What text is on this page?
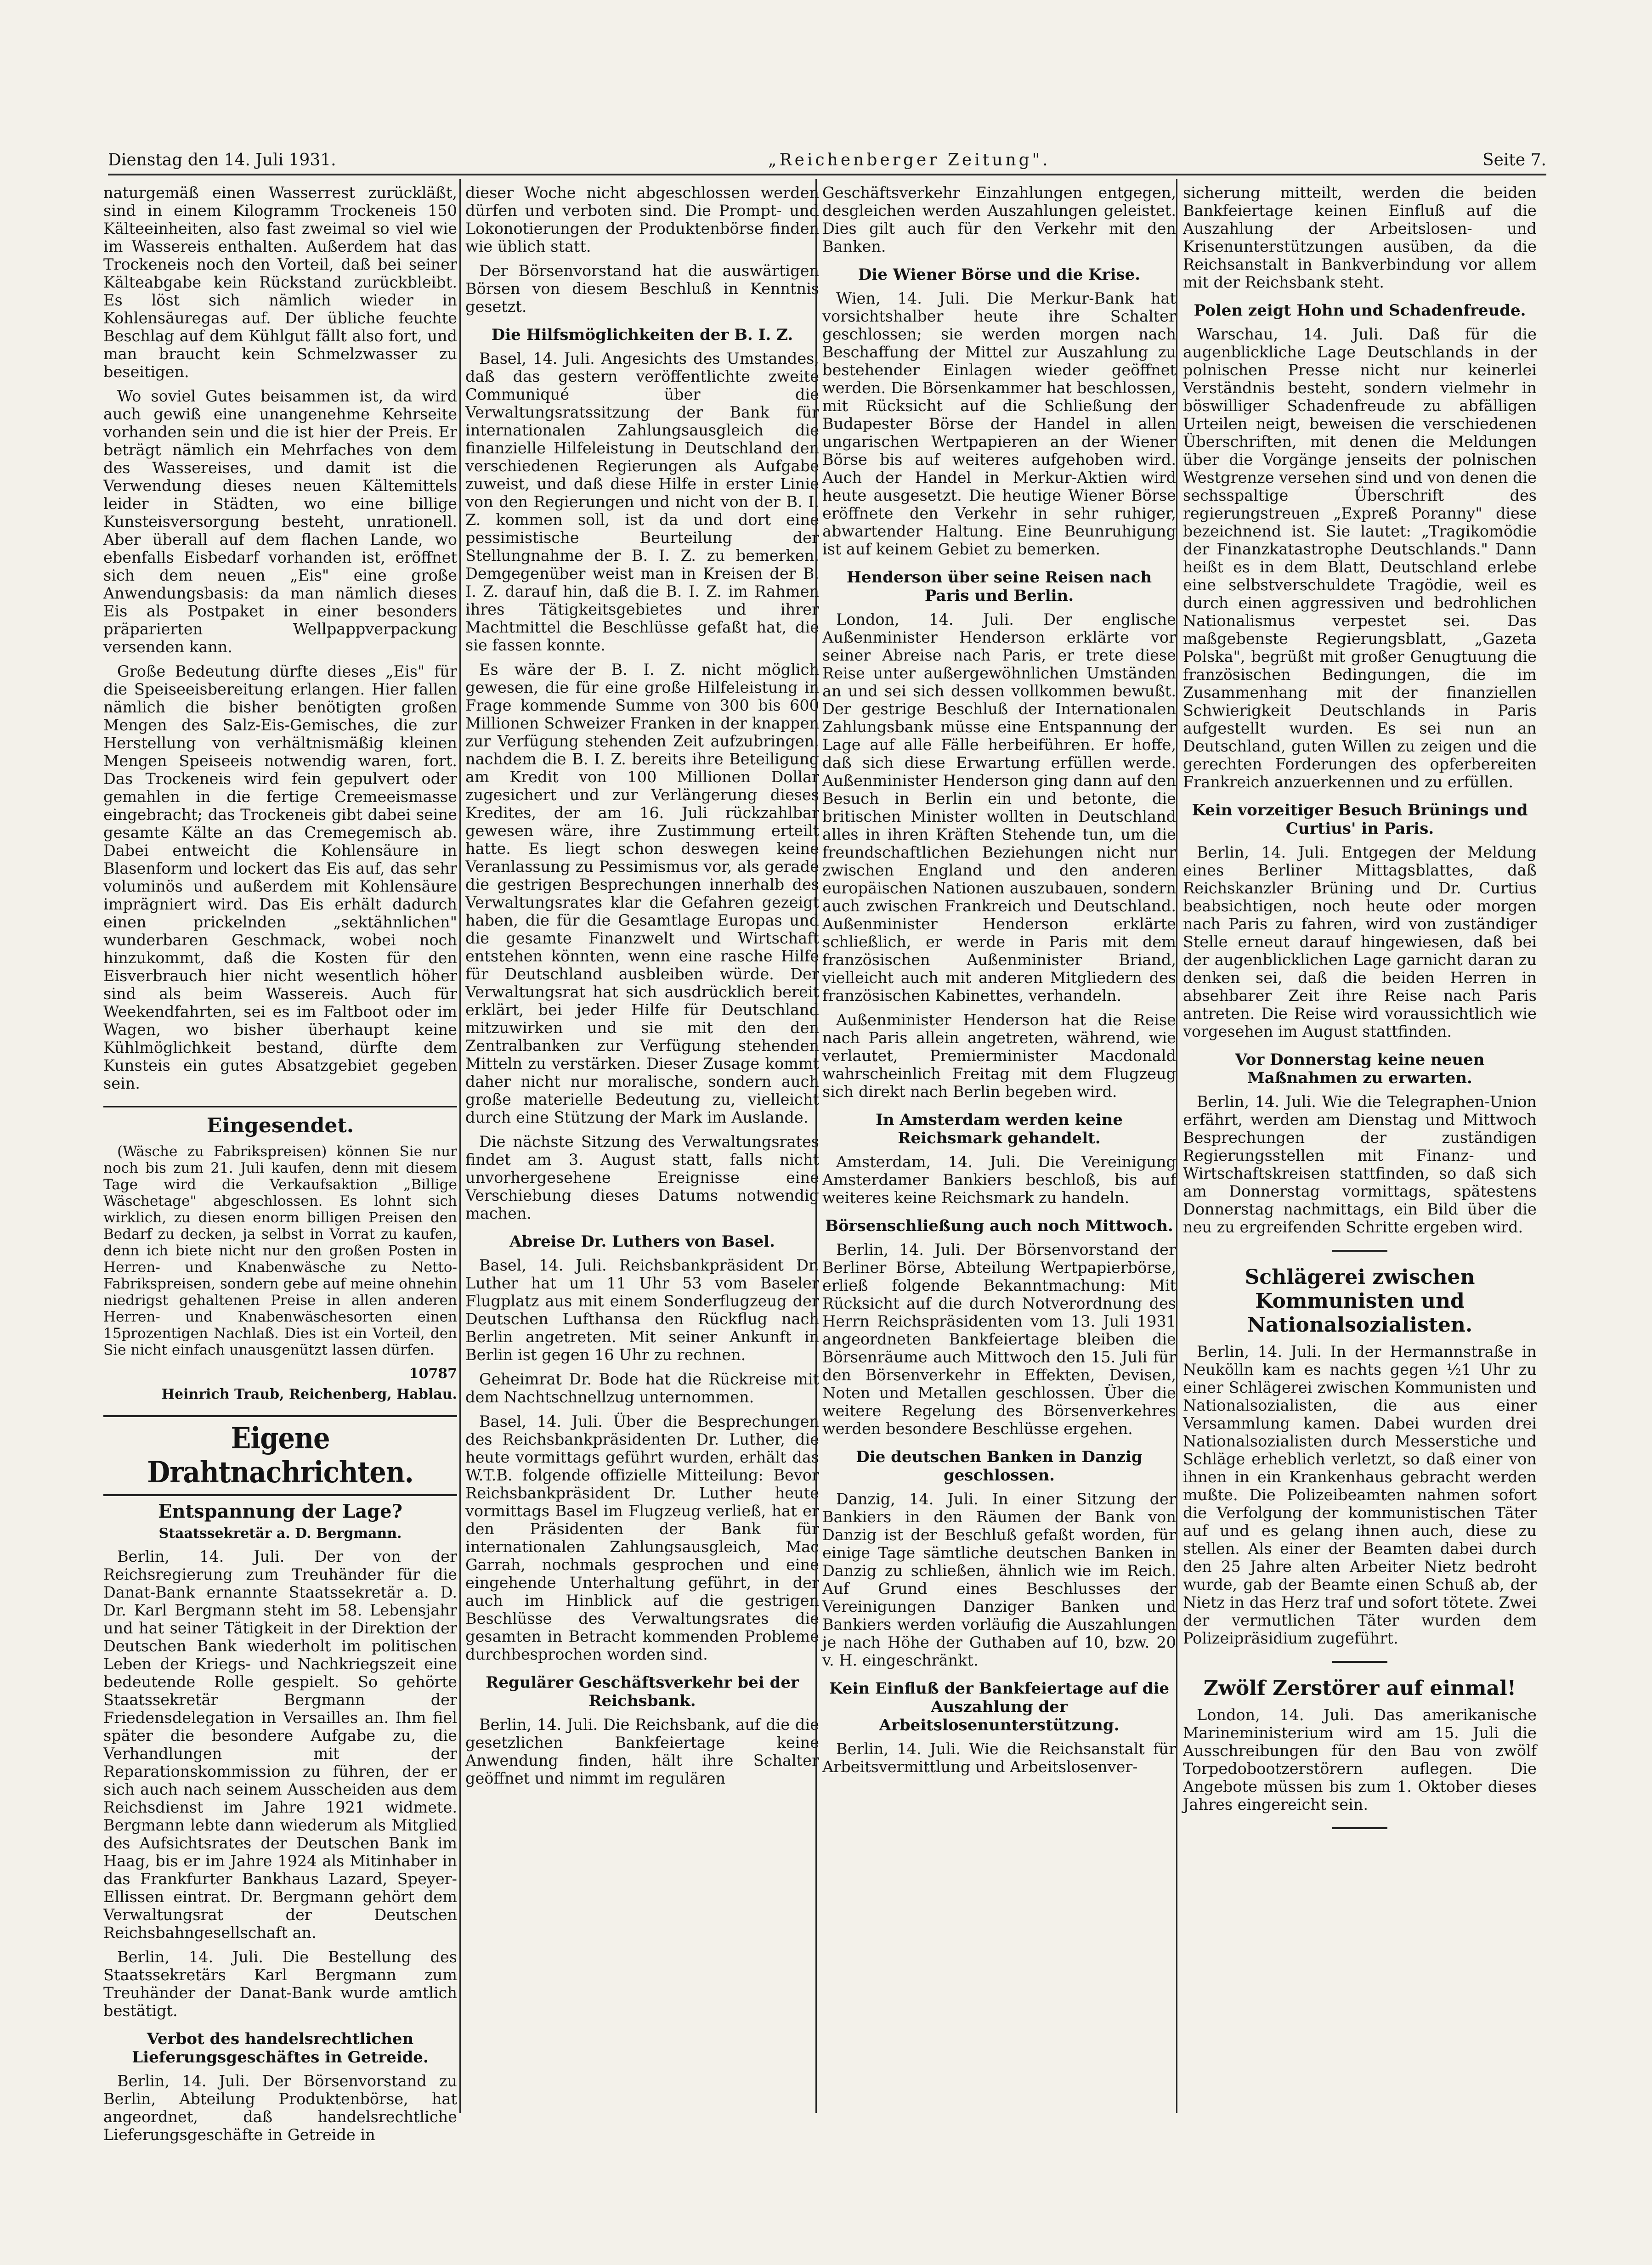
Dienstag den 14. Juli 1931.	„Reichenberger Zeitung".	Seite 7.

naturgemäß einen Wasserrest zurückläßt, sind in einem Kilogramm Trockeneis 150 Kälteeinheiten, also fast zweimal so viel wie im Wassereis enthalten. Außerdem hat das Trockeneis noch den Vorteil, daß bei seiner Kälteabgabe kein Rückstand zurückbleibt. Es löst sich nämlich wieder in Kohlensäuregas auf. Der übliche feuchte Beschlag auf dem Kühlgut fällt also fort, und man braucht kein Schmelzwasser zu beseitigen.

Wo soviel Gutes beisammen ist, da wird auch gewiß eine unangenehme Kehrseite vorhanden sein und die ist hier der Preis. Er beträgt nämlich ein Mehrfaches von dem des Wassereises, und damit ist die Verwendung dieses neuen Kältemittels leider in Städten, wo eine billige Kunsteisversorgung besteht, unrationell. Aber überall auf dem flachen Lande, wo ebenfalls Eisbedarf vorhanden ist, eröffnet sich dem neuen „Eis" eine große Anwendungsbasis: da man nämlich dieses Eis als Postpaket in einer besonders präparierten Wellpappverpackung versenden kann.

Große Bedeutung dürfte dieses „Eis" für die Speiseeisbereitung erlangen. Hier fallen nämlich die bisher benötigten großen Mengen des Salz-Eis-Gemisches, die zur Herstellung von verhältnismäßig kleinen Mengen Speiseeis notwendig waren, fort. Das Trockeneis wird fein gepulvert oder gemahlen in die fertige Cremeeismasse eingebracht; das Trockeneis gibt dabei seine gesamte Kälte an das Cremegemisch ab. Dabei entweicht die Kohlensäure in Blasenform und lockert das Eis auf, das sehr voluminös und außerdem mit Kohlensäure imprägniert wird. Das Eis erhält dadurch einen prickelnden „sektähnlichen" wunderbaren Geschmack, wobei noch hinzukommt, daß die Kosten für den Eisverbrauch hier nicht wesentlich höher sind als beim Wassereis. Auch für Weekendfahrten, sei es im Faltboot oder im Wagen, wo bisher überhaupt keine Kühlmöglichkeit bestand, dürfte dem Kunsteis ein gutes Absatzgebiet gegeben sein.

Eingesendet.

(Wäsche zu Fabrikspreisen) können Sie nur noch bis zum 21. Juli kaufen, denn mit diesem Tage wird die Verkaufsaktion „Billige Wäschetage" abgeschlossen. Es lohnt sich wirklich, zu diesen enorm billigen Preisen den Bedarf zu decken, ja selbst in Vorrat zu kaufen, denn ich biete nicht nur den großen Posten in Herren- und Knabenwäsche zu Netto-Fabrikspreisen, sondern gebe auf meine ohnehin niedrigst gehaltenen Preise in allen anderen Herren- und Knabenwäschesorten einen 15prozentigen Nachlaß. Dies ist ein Vorteil, den Sie nicht einfach unausgenützt lassen dürfen.

10787
Heinrich Traub, Reichenberg, Hablau.
Eigene Drahtnachrichten.
Entspannung der Lage?
Staatssekretär a. D. Bergmann.

Berlin, 14. Juli. Der von der Reichsregierung zum Treuhänder für die Danat-Bank ernannte Staatssekretär a. D. Dr. Karl Bergmann steht im 58. Lebensjahr und hat seiner Tätigkeit in der Direktion der Deutschen Bank wiederholt im politischen Leben der Kriegs- und Nachkriegszeit eine bedeutende Rolle gespielt. So gehörte Staatssekretär Bergmann der Friedensdelegation in Versailles an. Ihm fiel später die besondere Aufgabe zu, die Verhandlungen mit der Reparationskommission zu führen, der er sich auch nach seinem Ausscheiden aus dem Reichsdienst im Jahre 1921 widmete. Bergmann lebte dann wiederum als Mitglied des Aufsichtsrates der Deutschen Bank im Haag, bis er im Jahre 1924 als Mitinhaber in das Frankfurter Bankhaus Lazard, Speyer-Ellissen eintrat. Dr. Bergmann gehört dem Verwaltungsrat der Deutschen Reichsbahngesellschaft an.

Berlin, 14. Juli. Die Bestellung des Staatssekretärs Karl Bergmann zum Treuhänder der Danat-Bank wurde amtlich bestätigt.

Verbot des handelsrechtlichen Lieferungsgeschäftes in Getreide.

Berlin, 14. Juli. Der Börsenvorstand zu Berlin, Abteilung Produktenbörse, hat angeordnet, daß handelsrechtliche Lieferungsgeschäfte in Getreide in

dieser Woche nicht abgeschlossen werden dürfen und verboten sind. Die Prompt- und Lokonotierungen der Produktenbörse finden wie üblich statt.

Der Börsenvorstand hat die auswärtigen Börsen von diesem Beschluß in Kenntnis gesetzt.

Die Hilfsmöglichkeiten der B. I. Z.

Basel, 14. Juli. Angesichts des Umstandes, daß das gestern veröffentlichte zweite Communiqué über die Verwaltungsratssitzung der Bank für internationalen Zahlungsausgleich die finanzielle Hilfeleistung in Deutschland den verschiedenen Regierungen als Aufgabe zuweist, und daß diese Hilfe in erster Linie von den Regierungen und nicht von der B. I. Z. kommen soll, ist da und dort eine pessimistische Beurteilung der Stellungnahme der B. I. Z. zu bemerken. Demgegenüber weist man in Kreisen der B. I. Z. darauf hin, daß die B. I. Z. im Rahmen ihres Tätigkeitsgebietes und ihrer Machtmittel die Beschlüsse gefaßt hat, die sie fassen konnte.

Es wäre der B. I. Z. nicht möglich gewesen, die für eine große Hilfeleistung in Frage kommende Summe von 300 bis 600 Millionen Schweizer Franken in der knappen zur Verfügung stehenden Zeit aufzubringen, nachdem die B. I. Z. bereits ihre Beteiligung am Kredit von 100 Millionen Dollar zugesichert und zur Verlängerung dieses Kredites, der am 16. Juli rückzahlbar gewesen wäre, ihre Zustimmung erteilt hatte. Es liegt schon deswegen keine Veranlassung zu Pessimismus vor, als gerade die gestrigen Besprechungen innerhalb des Verwaltungsrates klar die Gefahren gezeigt haben, die für die Gesamtlage Europas und die gesamte Finanzwelt und Wirtschaft entstehen könnten, wenn eine rasche Hilfe für Deutschland ausbleiben würde. Der Verwaltungsrat hat sich ausdrücklich bereit erklärt, bei jeder Hilfe für Deutschland mitzuwirken und sie mit den den Zentralbanken zur Verfügung stehenden Mitteln zu verstärken. Dieser Zusage kommt daher nicht nur moralische, sondern auch große materielle Bedeutung zu, vielleicht durch eine Stützung der Mark im Auslande.

Die nächste Sitzung des Verwaltungsrates findet am 3. August statt, falls nicht unvorhergesehene Ereignisse eine Verschiebung dieses Datums notwendig machen.

Abreise Dr. Luthers von Basel.

Basel, 14. Juli. Reichsbankpräsident Dr. Luther hat um 11 Uhr 53 vom Baseler Flugplatz aus mit einem Sonderflugzeug der Deutschen Lufthansa den Rückflug nach Berlin angetreten. Mit seiner Ankunft in Berlin ist gegen 16 Uhr zu rechnen.

Geheimrat Dr. Bode hat die Rückreise mit dem Nachtschnellzug unternommen.

Basel, 14. Juli. Über die Besprechungen des Reichsbankpräsidenten Dr. Luther, die heute vormittags geführt wurden, erhält das W.T.B. folgende offizielle Mitteilung: Bevor Reichsbankpräsident Dr. Luther heute vormittags Basel im Flugzeug verließ, hat er den Präsidenten der Bank für internationalen Zahlungsausgleich, Mac Garrah, nochmals gesprochen und eine eingehende Unterhaltung geführt, in der auch im Hinblick auf die gestrigen Beschlüsse des Verwaltungsrates die gesamten in Betracht kommenden Probleme durchbesprochen worden sind.

Regulärer Geschäftsverkehr bei der Reichsbank.

Berlin, 14. Juli. Die Reichsbank, auf die die gesetzlichen Bankfeiertage keine Anwendung finden, hält ihre Schalter geöffnet und nimmt im regulären

Geschäftsverkehr Einzahlungen entgegen, desgleichen werden Auszahlungen geleistet. Dies gilt auch für den Verkehr mit den Banken.

Die Wiener Börse und die Krise.

Wien, 14. Juli. Die Merkur-Bank hat vorsichtshalber heute ihre Schalter geschlossen; sie werden morgen nach Beschaffung der Mittel zur Auszahlung zu bestehender Einlagen wieder geöffnet werden. Die Börsenkammer hat beschlossen, mit Rücksicht auf die Schließung der Budapester Börse der Handel in allen ungarischen Wertpapieren an der Wiener Börse bis auf weiteres aufgehoben wird. Auch der Handel in Merkur-Aktien wird heute ausgesetzt. Die heutige Wiener Börse eröffnete den Verkehr in sehr ruhiger, abwartender Haltung. Eine Beunruhigung ist auf keinem Gebiet zu bemerken.

Henderson über seine Reisen nach Paris und Berlin.

London, 14. Juli. Der englische Außenminister Henderson erklärte vor seiner Abreise nach Paris, er trete diese Reise unter außergewöhnlichen Umständen an und sei sich dessen vollkommen bewußt. Der gestrige Beschluß der Internationalen Zahlungsbank müsse eine Entspannung der Lage auf alle Fälle herbeiführen. Er hoffe, daß sich diese Erwartung erfüllen werde. Außenminister Henderson ging dann auf den Besuch in Berlin ein und betonte, die britischen Minister wollten in Deutschland alles in ihren Kräften Stehende tun, um die freundschaftlichen Beziehungen nicht nur zwischen England und den anderen europäischen Nationen auszubauen, sondern auch zwischen Frankreich und Deutschland. Außenminister Henderson erklärte schließlich, er werde in Paris mit dem französischen Außenminister Briand, vielleicht auch mit anderen Mitgliedern des französischen Kabinettes, verhandeln.

Außenminister Henderson hat die Reise nach Paris allein angetreten, während, wie verlautet, Premierminister Macdonald wahrscheinlich Freitag mit dem Flugzeug sich direkt nach Berlin begeben wird.

In Amsterdam werden keine Reichsmark gehandelt.

Amsterdam, 14. Juli. Die Vereinigung Amsterdamer Bankiers beschloß, bis auf weiteres keine Reichsmark zu handeln.

Börsenschließung auch noch Mittwoch.

Berlin, 14. Juli. Der Börsenvorstand der Berliner Börse, Abteilung Wertpapierbörse, erließ folgende Bekanntmachung: Mit Rücksicht auf die durch Notverordnung des Herrn Reichspräsidenten vom 13. Juli 1931 angeordneten Bankfeiertage bleiben die Börsenräume auch Mittwoch den 15. Juli für den Börsenverkehr in Effekten, Devisen, Noten und Metallen geschlossen. Über die weitere Regelung des Börsenverkehres werden besondere Beschlüsse ergehen.

Die deutschen Banken in Danzig geschlossen.

Danzig, 14. Juli. In einer Sitzung der Bankiers in den Räumen der Bank von Danzig ist der Beschluß gefaßt worden, für einige Tage sämtliche deutschen Banken in Danzig zu schließen, ähnlich wie im Reich. Auf Grund eines Beschlusses der Vereinigungen Danziger Banken und Bankiers werden vorläufig die Auszahlungen je nach Höhe der Guthaben auf 10, bzw. 20 v. H. eingeschränkt.

Kein Einfluß der Bankfeiertage auf die Auszahlung der Arbeitslosenunterstützung.

Berlin, 14. Juli. Wie die Reichsanstalt für Arbeitsvermittlung und Arbeitslosenver-

sicherung mitteilt, werden die beiden Bankfeiertage keinen Einfluß auf die Auszahlung der Arbeitslosen- und Krisenunterstützungen ausüben, da die Reichsanstalt in Bankverbindung vor allem mit der Reichsbank steht.

Polen zeigt Hohn und Schadenfreude.

Warschau, 14. Juli. Daß für die augenblickliche Lage Deutschlands in der polnischen Presse nicht nur keinerlei Verständnis besteht, sondern vielmehr in böswilliger Schadenfreude zu abfälligen Urteilen neigt, beweisen die verschiedenen Überschriften, mit denen die Meldungen über die Vorgänge jenseits der polnischen Westgrenze versehen sind und von denen die sechsspaltige Überschrift des regierungstreuen „Expreß Poranny" diese bezeichnend ist. Sie lautet: „Tragikomödie der Finanzkatastrophe Deutschlands." Dann heißt es in dem Blatt, Deutschland erlebe eine selbstverschuldete Tragödie, weil es durch einen aggressiven und bedrohlichen Nationalismus verpestet sei. Das maßgebenste Regierungsblatt, „Gazeta Polska", begrüßt mit großer Genugtuung die französischen Bedingungen, die im Zusammenhang mit der finanziellen Schwierigkeit Deutschlands in Paris aufgestellt wurden. Es sei nun an Deutschland, guten Willen zu zeigen und die gerechten Forderungen des opferbereiten Frankreich anzuerkennen und zu erfüllen.

Kein vorzeitiger Besuch Brünings und Curtius' in Paris.

Berlin, 14. Juli. Entgegen der Meldung eines Berliner Mittagsblattes, daß Reichskanzler Brüning und Dr. Curtius beabsichtigen, noch heute oder morgen nach Paris zu fahren, wird von zuständiger Stelle erneut darauf hingewiesen, daß bei der augenblicklichen Lage garnicht daran zu denken sei, daß die beiden Herren in absehbarer Zeit ihre Reise nach Paris antreten. Die Reise wird voraussichtlich wie vorgesehen im August stattfinden.

Vor Donnerstag keine neuen Maßnahmen zu erwarten.

Berlin, 14. Juli. Wie die Telegraphen-Union erfährt, werden am Dienstag und Mittwoch Besprechungen der zuständigen Regierungsstellen mit Finanz- und Wirtschaftskreisen stattfinden, so daß sich am Donnerstag vormittags, spätestens Donnerstag nachmittags, ein Bild über die neu zu ergreifenden Schritte ergeben wird.

Schlägerei zwischen Kommunisten und Nationalsozialisten.

Berlin, 14. Juli. In der Hermannstraße in Neukölln kam es nachts gegen ½1 Uhr zu einer Schlägerei zwischen Kommunisten und Nationalsozialisten, die aus einer Versammlung kamen. Dabei wurden drei Nationalsozialisten durch Messerstiche und Schläge erheblich verletzt, so daß einer von ihnen in ein Krankenhaus gebracht werden mußte. Die Polizeibeamten nahmen sofort die Verfolgung der kommunistischen Täter auf und es gelang ihnen auch, diese zu stellen. Als einer der Beamten dabei durch den 25 Jahre alten Arbeiter Nietz bedroht wurde, gab der Beamte einen Schuß ab, der Nietz in das Herz traf und sofort tötete. Zwei der vermutlichen Täter wurden dem Polizeipräsidium zugeführt.

Zwölf Zerstörer auf einmal!

London, 14. Juli. Das amerikanische Marineministerium wird am 15. Juli die Ausschreibungen für den Bau von zwölf Torpedobootzerstörern auflegen. Die Angebote müssen bis zum 1. Oktober dieses Jahres eingereicht sein.
